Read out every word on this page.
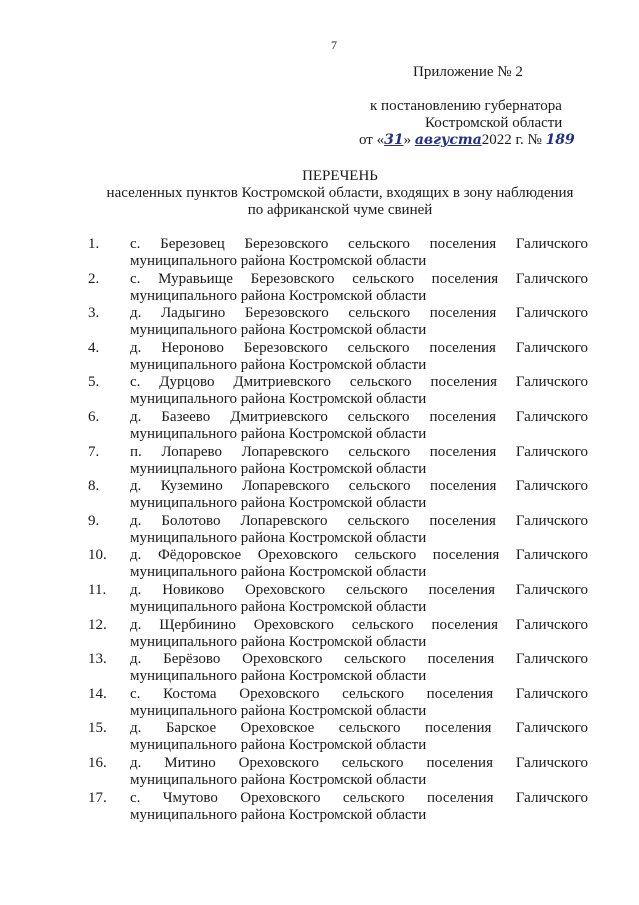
7
Приложение № 2
к постановлению губернатора
Костромской области
от «31» августа2022 г. № 189
ПЕРЕЧЕНЬ
населенных пунктов Костромской области, входящих в зону наблюдения
по африканской чуме свиней
1.	с. Березовец Березовского сельского поселения Галичского
муниципального района Костромской области
2.	с. Муравьище Березовского сельского поселения Галичского
муниципального района Костромской области
3.	д. Ладыгино Березовского сельского поселения Галичского
муниципального района Костромской области
4.	д. Нероново Березовского сельского поселения Галичского
муниципального района Костромской области
5.	с. Дурцово Дмитриевского сельского поселения Галичского
муниципального района Костромской области
6.	д. Базеево Дмитриевского сельского поселения Галичского
муниципального района Костромской области
7.	п. Лопарево Лопаревского сельского поселения Галичского
муниицпального района Костромской области
8.	д. Куземино Лопаревского сельского поселения Галичского
муниципального района Костромской области
9.	д. Болотово Лопаревского сельского поселения Галичского
муниципального района Костромской области
10.	д. Фёдоровское Ореховского сельского поселения Галичского
муниципального района Костромской области
11.	д. Новиково Ореховского сельского поселения Галичского
муниципального района Костромской области
12.	д. Щербинино Ореховского сельского поселения Галичского
муниципального района Костромской области
13.	д. Берёзово Ореховского сельского поселения Галичского
муниципального района Костромской области
14.	с. Костома Ореховского сельского поселения Галичского
муниципального района Костромской области
15.	д. Барское Ореховское сельского поселения Галичского
муниципального района Костромской области
16.	д. Митино Ореховского сельского поселения Галичского
муниципального района Костромской области
17.	с. Чмутово Ореховского сельского поселения Галичского
муниципального района Костромской области
